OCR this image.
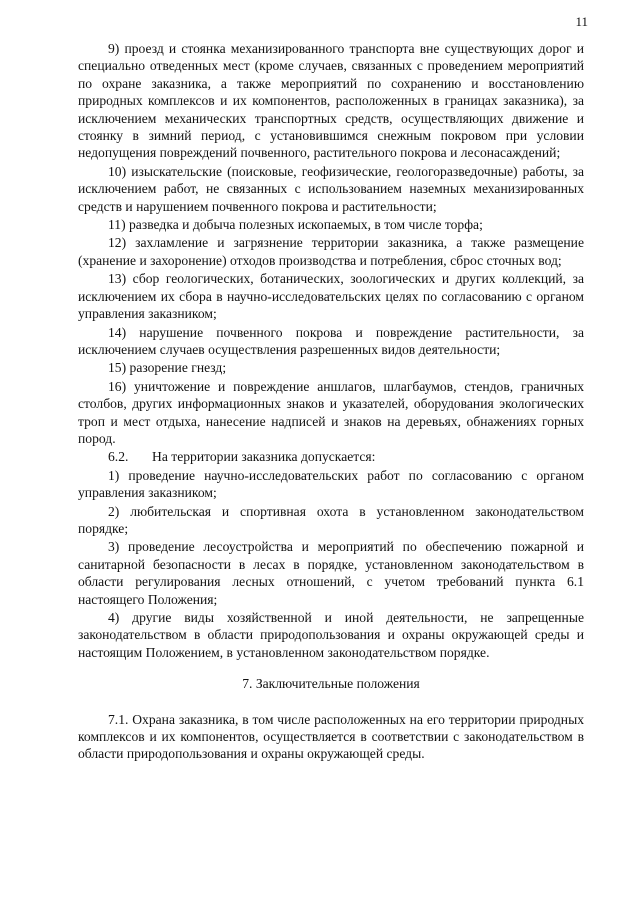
11

9) проезд и стоянка механизированного транспорта вне существующих дорог и специально отведенных мест (кроме случаев, связанных с проведением мероприятий по охране заказника, а также мероприятий по сохранению и восстановлению природных комплексов и их компонентов, расположенных в границах заказника), за исключением механических транспортных средств, осуществляющих движение и стоянку в зимний период, с установившимся снежным покровом при условии недопущения повреждений почвенного, растительного покрова и лесонасаждений;

10) изыскательские (поисковые, геофизические, геологоразведочные) работы, за исключением работ, не связанных с использованием наземных механизированных средств и нарушением почвенного покрова и растительности;

11) разведка и добыча полезных ископаемых, в том числе торфа;

12) захламление и загрязнение территории заказника, а также размещение (хранение и захоронение) отходов производства и потребления, сброс сточных вод;

13) сбор геологических, ботанических, зоологических и других коллекций, за исключением их сбора в научно-исследовательских целях по согласованию с органом управления заказником;

14) нарушение почвенного покрова и повреждение растительности, за исключением случаев осуществления разрешенных видов деятельности;

15) разорение гнезд;

16) уничтожение и повреждение аншлагов, шлагбаумов, стендов, граничных столбов, других информационных знаков и указателей, оборудования экологических троп и мест отдыха, нанесение надписей и знаков на деревьях, обнажениях горных пород.

6.2. На территории заказника допускается:

1) проведение научно-исследовательских работ по согласованию с органом управления заказником;

2) любительская и спортивная охота в установленном законодательством порядке;

3) проведение лесоустройства и мероприятий по обеспечению пожарной и санитарной безопасности в лесах в порядке, установленном законодательством в области регулирования лесных отношений, с учетом требований пункта 6.1 настоящего Положения;

4) другие виды хозяйственной и иной деятельности, не запрещенные законодательством в области природопользования и охраны окружающей среды и настоящим Положением, в установленном законодательством порядке.

7. Заключительные положения

7.1. Охрана заказника, в том числе расположенных на его территории природных комплексов и их компонентов, осуществляется в соответствии с законодательством в области природопользования и охраны окружающей среды.
